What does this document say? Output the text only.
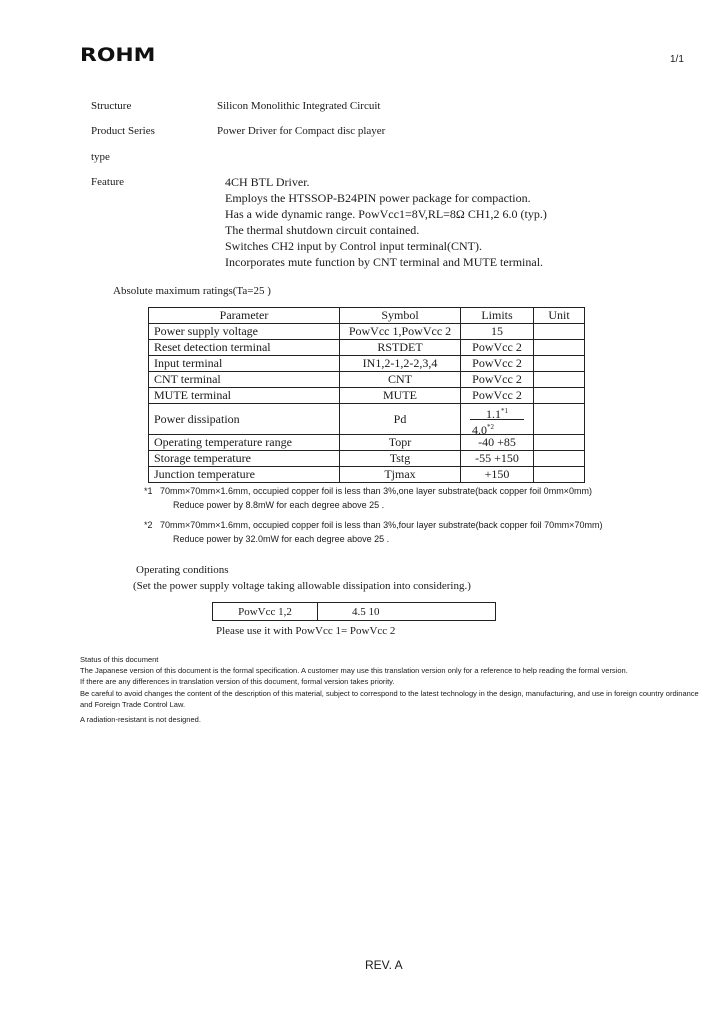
ROHM	1/1
Structure	Silicon Monolithic Integrated Circuit
Product Series	Power Driver for Compact disc player
type
Feature	4CH BTL Driver.
Employs the HTSSOP-B24PIN power package for compaction.
Has a wide dynamic range. PowVcc1=8V,RL=8Ω CH1,2 6.0 (typ.)
The thermal shutdown circuit contained.
Switches CH2 input by Control input terminal(CNT).
Incorporates mute function by CNT terminal and MUTE terminal.
Absolute maximum ratings(Ta=25 )
Parameter	Symbol	Limits	Unit
Power supply voltage	PowVcc 1,PowVcc 2	15	
Reset detection terminal	RSTDET	PowVcc 2	
Input terminal	IN1,2-1,2-2,3,4	PowVcc 2	
CNT terminal	CNT	PowVcc 2	
MUTE terminal	MUTE	PowVcc 2	
Power dissipation	Pd	1.1$^{*1}$
4.0$^{*2}$

Operating temperature range	Topr	-40 +85	
Storage temperature	Tstg	-55 +150	
Junction temperature	Tjmax	+150	
*1 70mm×70mm×1.6mm, occupied copper foil is less than 3%,one layer substrate(back copper foil 0mm×0mm)
Reduce power by 8.8mW for each degree above 25 .
*2 70mm×70mm×1.6mm, occupied copper foil is less than 3%,four layer substrate(back copper foil 70mm×70mm)
Reduce power by 32.0mW for each degree above 25 .
Operating conditions
(Set the power supply voltage taking allowable dissipation into considering.)
PowVcc 1,2	4.5 10
Please use it with PowVcc 1= PowVcc 2
Status of this document
The Japanese version of this document is the formal specification. A customer may use this translation version only for a reference to help reading the formal version.
If there are any differences in translation version of this document, formal version takes priority.
Be careful to avoid changes the content of the description of this material, subject to correspond to the latest technology in the design, manufacturing, and use in foreign country ordinance
and Foreign Trade Control Law.
A radiation-resistant is not designed.
REV. A
